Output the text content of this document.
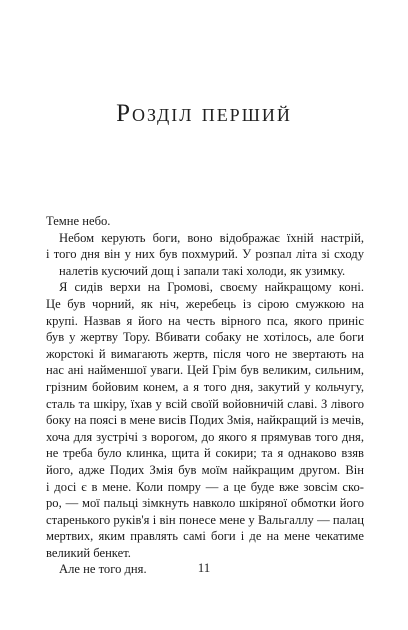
Розділ перший
Темне небо.
Небом керують боги, воно відображає їхній настрій,
і того дня він у них був похмурий. У розпал літа зі сходу
налетів кусючий дощ і запали такі холоди, як узимку.
Я сидів верхи на Громові, своєму найкращому коні.
Це був чорний, як ніч, жеребець із сірою смужкою на
крупі. Назвав я його на честь вірного пса, якого приніс
був у жертву Тору. Вбивати собаку не хотілось, але боги
жорстокі й вимагають жертв, після чого не звертають на
нас ані найменшої уваги. Цей Грім був великим, сильним,
грізним бойовим конем, а я того дня, закутий у кольчугу,
сталь та шкіру, їхав у всій своїй войовничій славі. З лівого
боку на поясі в мене висів Подих Змія, найкращий із мечів,
хоча для зустрічі з ворогом, до якого я прямував того дня,
не треба було клинка, щита й сокири; та я однаково взяв
його, адже Подих Змія був моїм найкращим другом. Він
і досі є в мене. Коли помру — а це буде вже зовсім ско-
ро, — мої пальці зімкнуть навколо шкіряної обмотки його
старенького руків'я і він понесе мене у Вальгаллу — палац
мертвих, яким правлять самі боги і де на мене чекатиме
великий бенкет.
Але не того дня.	11
